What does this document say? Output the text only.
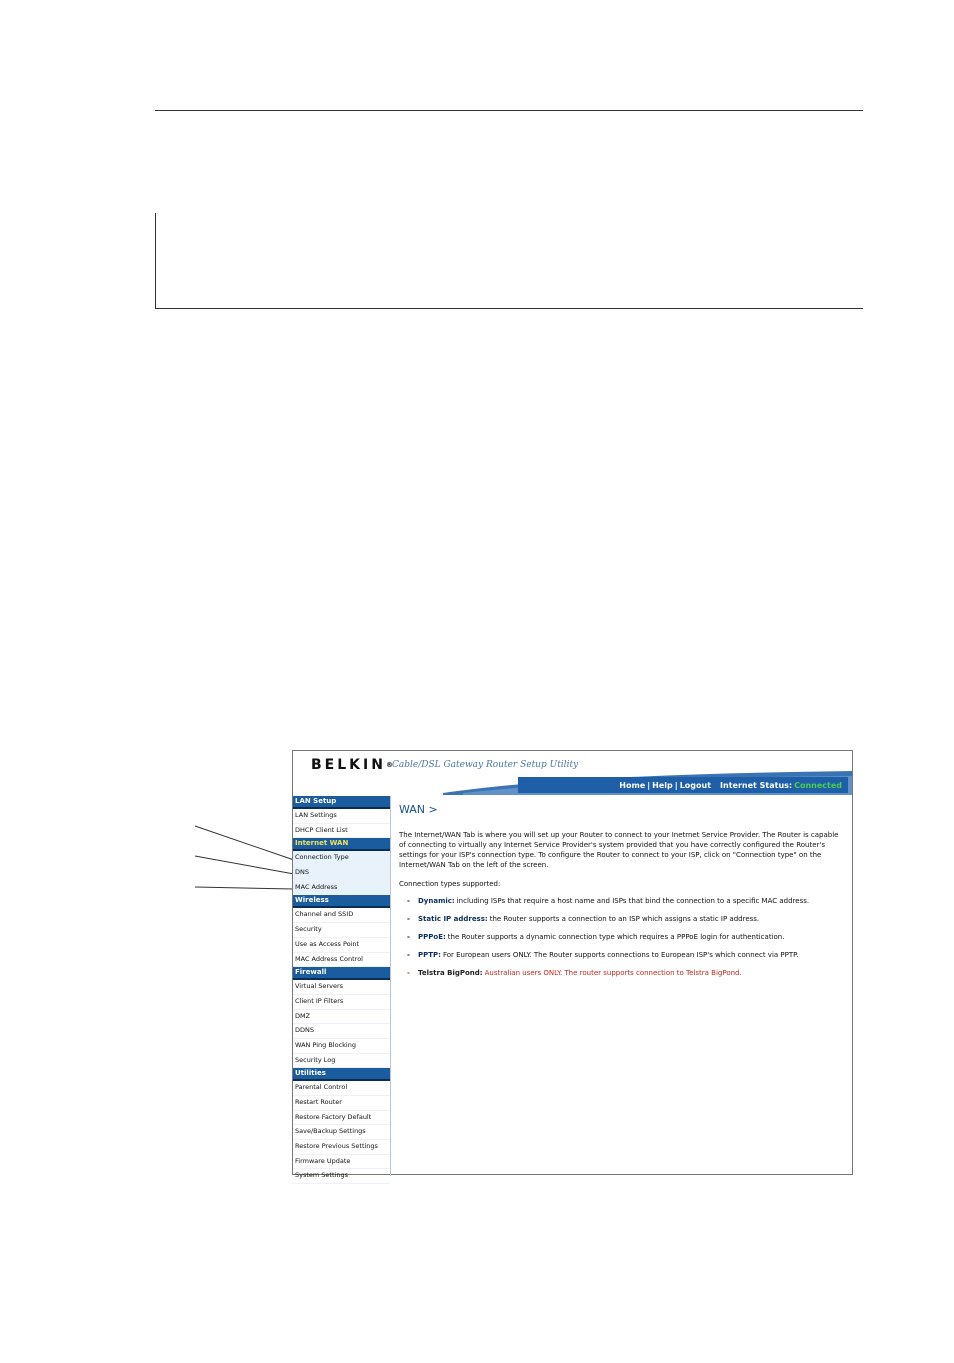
BELKIN® Cable/DSL Gateway Router Setup Utility
Home | Help | Logout Internet Status: Connected
LAN Setup
LAN Settings
DHCP Client List
Internet WAN
Connection Type
DNS
MAC Address
Wireless
Channel and SSID
Security
Use as Access Point
MAC Address Control
Firewall
Virtual Servers
Client IP Filters
DMZ
DDNS
WAN Ping Blocking
Security Log
Utilities
Parental Control
Restart Router
Restore Factory Default
Save/Backup Settings
Restore Previous Settings
Firmware Update
System Settings
WAN >

The Internet/WAN Tab is where you will set up your Router to connect to your Inetrnet Service Provider. The Router is capable of connecting to virtually any Internet Service Provider's system provided that you have correctly configured the Router's settings for your ISP's connection type. To configure the Router to connect to your ISP, click on "Connection type" on the Internet/WAN Tab on the left of the screen.

Connection types supported:
-	Dynamic: including ISPs that require a host name and ISPs that bind the connection to a specific MAC address.
-	Static IP address: the Router supports a connection to an ISP which assigns a static IP address.
-	PPPoE: the Router supports a dynamic connection type which requires a PPPoE login for authentication.
-	PPTP: For European users ONLY. The Router supports connections to European ISP's which connect via PPTP.
-	Telstra BigPond: Australian users ONLY. The router supports connection to Telstra BigPond.
